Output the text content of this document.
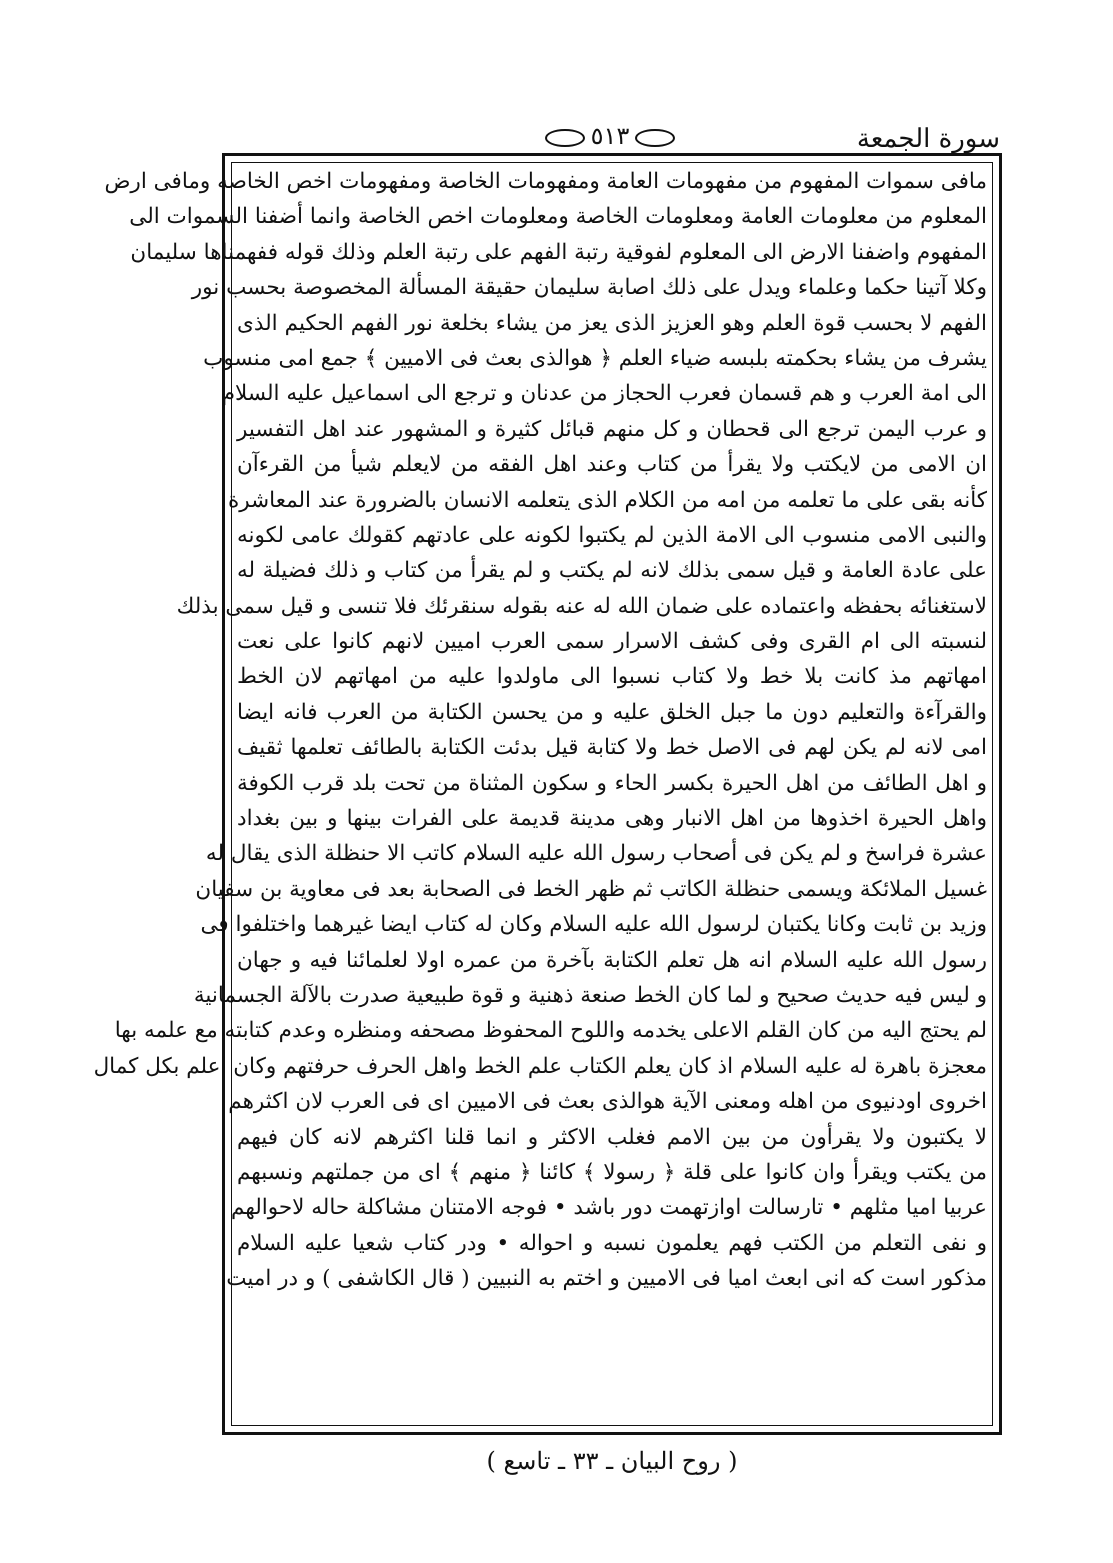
٥١٣	سورة الجمعة
مافى سموات المفهوم من مفهومات العامة ومفهومات الخاصة ومفهومات اخص الخاصه ومافى ارض
المعلوم من معلومات العامة ومعلومات الخاصة ومعلومات اخص الخاصة وانما أضفنا السموات الى
المفهوم واضفنا الارض الى المعلوم لفوقية رتبة الفهم على رتبة العلم وذلك قوله ففهمناها سليمان
وكلا آتينا حكما وعلماء ويدل على ذلك اصابة سليمان حقيقة المسألة المخصوصة بحسب نور
الفهم لا بحسب قوة العلم وهو العزيز الذى يعز من يشاء بخلعة نور الفهم الحكيم الذى
يشرف من يشاء بحكمته بلبسه ضياء العلم ﴿ هوالذى بعث فى الاميين ﴾ جمع امى منسوب
الى امة العرب و هم قسمان فعرب الحجاز من عدنان و ترجع الى اسماعيل عليه السلام
و عرب اليمن ترجع الى قحطان و كل منهم قبائل كثيرة و المشهور عند اهل التفسير
ان الامى من لايكتب ولا يقرأ من كتاب وعند اهل الفقه من لايعلم شيأ من القرءآن
كأنه بقى على ما تعلمه من امه من الكلام الذى يتعلمه الانسان بالضرورة عند المعاشرة
والنبى الامى منسوب الى الامة الذين لم يكتبوا لكونه على عادتهم كقولك عامى لكونه
على عادة العامة و قيل سمى بذلك لانه لم يكتب و لم يقرأ من كتاب و ذلك فضيلة له
لاستغنائه بحفظه واعتماده على ضمان الله له عنه بقوله سنقرئك فلا تنسى و قيل سمى بذلك
لنسبته الى ام القرى وفى كشف الاسرار سمى العرب اميين لانهم كانوا على نعت
امهاتهم مذ كانت بلا خط ولا كتاب نسبوا الى ماولدوا عليه من امهاتهم لان الخط
والقرآءة والتعليم دون ما جبل الخلق عليه و من يحسن الكتابة من العرب فانه ايضا
امى لانه لم يكن لهم فى الاصل خط ولا كتابة قيل بدئت الكتابة بالطائف تعلمها ثقيف
و اهل الطائف من اهل الحيرة بكسر الحاء و سكون المثناة من تحت بلد قرب الكوفة
واهل الحيرة اخذوها من اهل الانبار وهى مدينة قديمة على الفرات بينها و بين بغداد
عشرة فراسخ و لم يكن فى أصحاب رسول الله عليه السلام كاتب الا حنظلة الذى يقال له
غسيل الملائكة ويسمى حنظلة الكاتب ثم ظهر الخط فى الصحابة بعد فى معاوية بن سفيان
وزيد بن ثابت وكانا يكتبان لرسول الله عليه السلام وكان له كتاب ايضا غيرهما واختلفوا فى
رسول الله عليه السلام انه هل تعلم الكتابة بآخرة من عمره اولا لعلمائنا فيه و جهان
و ليس فيه حديث صحيح و لما كان الخط صنعة ذهنية و قوة طبيعية صدرت بالآلة الجسمانية
لم يحتج اليه من كان القلم الاعلى يخدمه واللوح المحفوظ مصحفه ومنظره وعدم كتابته مع علمه بها
معجزة باهرة له عليه السلام اذ كان يعلم الكتاب علم الخط واهل الحرف حرفتهم وكان اعلم بكل كمال
اخروى اودنيوى من اهله ومعنى الآية هوالذى بعث فى الاميين اى فى العرب لان اكثرهم
لا يكتبون ولا يقرأون من بين الامم فغلب الاكثر و انما قلنا اكثرهم لانه كان فيهم
من يكتب ويقرأ وان كانوا على قلة ﴿ رسولا ﴾ كائنا ﴿ منهم ﴾ اى من جملتهم ونسبهم
عربيا اميا مثلهم • تارسالت اوازتهمت دور باشد • فوجه الامتنان مشاكلة حاله لاحوالهم
و نفى التعلم من الكتب فهم يعلمون نسبه و احواله • ودر كتاب شعيا عليه السلام
مذكور است كه انى ابعث اميا فى الاميين و اختم به النبيين ( قال الكاشفى ) و در اميت
( روح البيان ـ ٣٣ ـ تاسع )
